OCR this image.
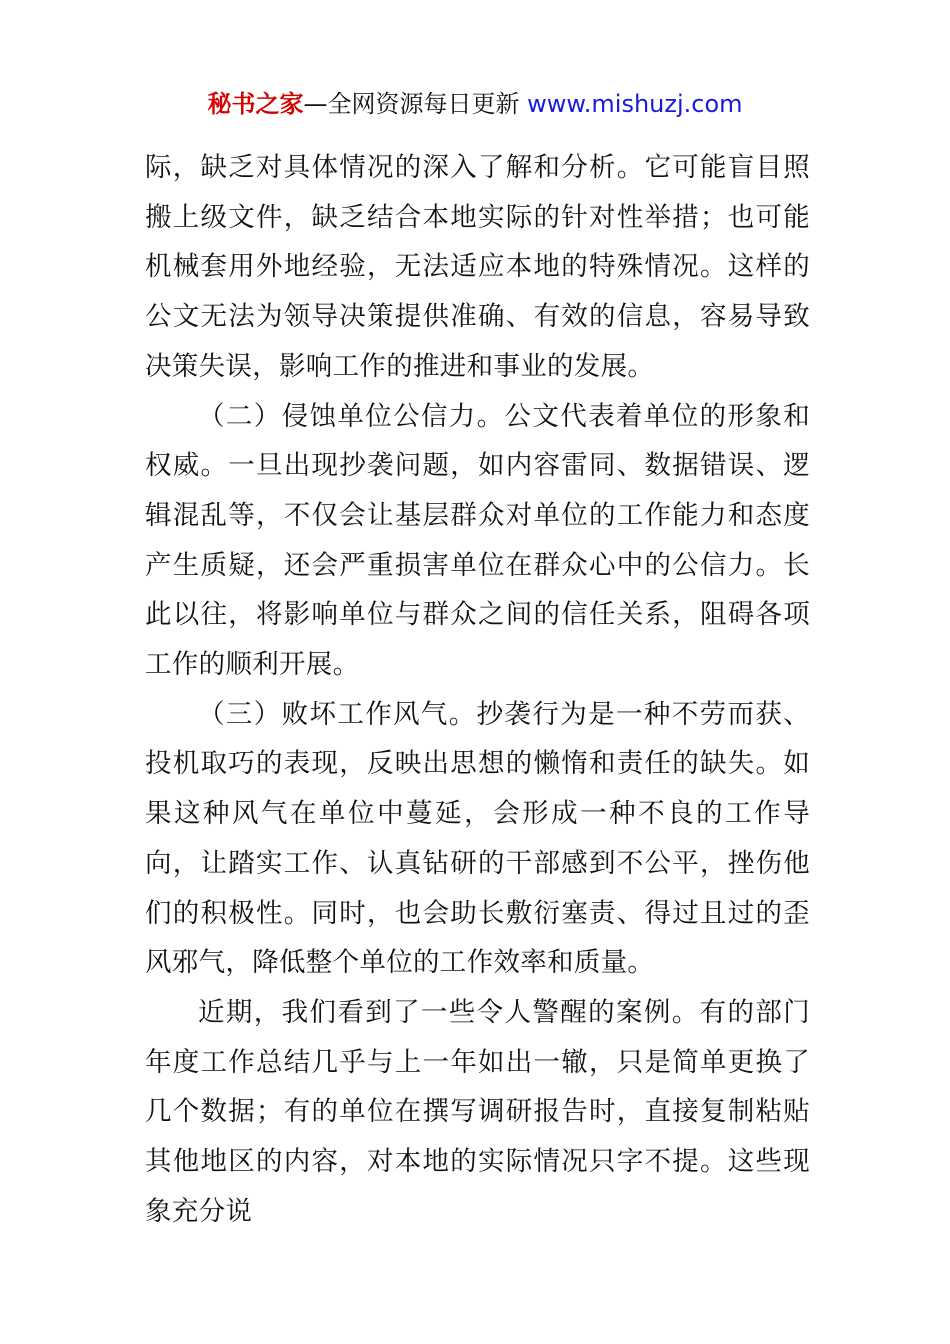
秘书之家—全网资源每日更新 www.mishuzj.com

际，缺乏对具体情况的深入了解和分析。它可能盲目照搬上级文件，缺乏结合本地实际的针对性举措；也可能机械套用外地经验，无法适应本地的特殊情况。这样的公文无法为领导决策提供准确、有效的信息，容易导致决策失误，影响工作的推进和事业的发展。

（二）侵蚀单位公信力。公文代表着单位的形象和权威。一旦出现抄袭问题，如内容雷同、数据错误、逻辑混乱等，不仅会让基层群众对单位的工作能力和态度产生质疑，还会严重损害单位在群众心中的公信力。长此以往，将影响单位与群众之间的信任关系，阻碍各项工作的顺利开展。

（三）败坏工作风气。抄袭行为是一种不劳而获、投机取巧的表现，反映出思想的懒惰和责任的缺失。如果这种风气在单位中蔓延，会形成一种不良的工作导向，让踏实工作、认真钻研的干部感到不公平，挫伤他们的积极性。同时，也会助长敷衍塞责、得过且过的歪风邪气，降低整个单位的工作效率和质量。

近期，我们看到了一些令人警醒的案例。有的部门年度工作总结几乎与上一年如出一辙，只是简单更换了几个数据；有的单位在撰写调研报告时，直接复制粘贴其他地区的内容，对本地的实际情况只字不提。这些现象充分说
